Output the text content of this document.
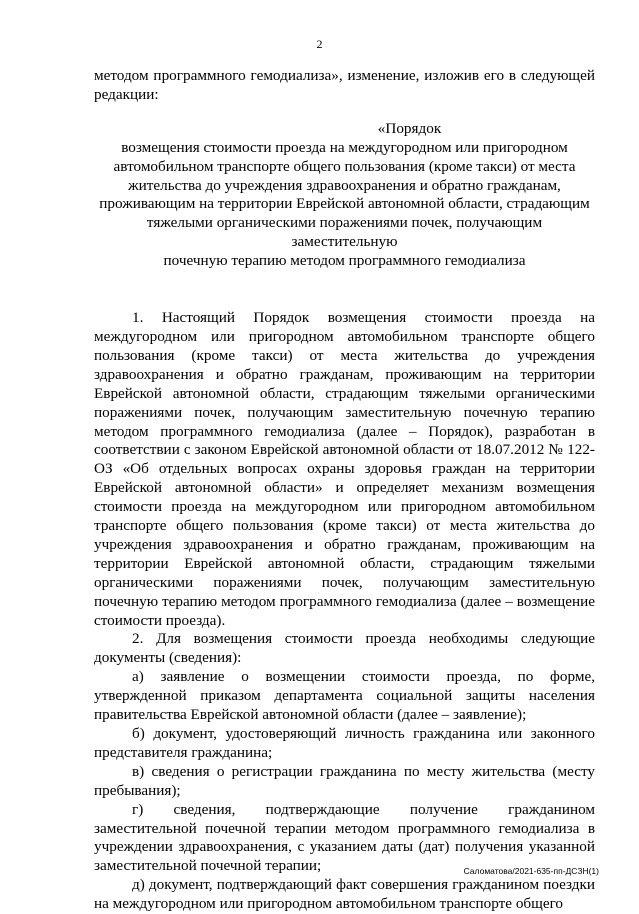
2

методом программного гемодиализа», изменение, изложив его в следующей редакции:

«Порядок
возмещения стоимости проезда на междугородном или пригородном
автомобильном транспорте общего пользования (кроме такси) от места
жительства до учреждения здравоохранения и обратно гражданам,
проживающим на территории Еврейской автономной области, страдающим
тяжелыми органическими поражениями почек, получающим заместительную
почечную терапию методом программного гемодиализа

1. Настоящий Порядок возмещения стоимости проезда на междугородном или пригородном автомобильном транспорте общего пользования (кроме такси) от места жительства до учреждения здравоохранения и обратно гражданам, проживающим на территории Еврейской автономной области, страдающим тяжелыми органическими поражениями почек, получающим заместительную почечную терапию методом программного гемодиализа (далее – Порядок), разработан в соответствии с законом Еврейской автономной области от 18.07.2012 № 122-ОЗ «Об отдельных вопросах охраны здоровья граждан на территории Еврейской автономной области» и определяет механизм возмещения стоимости проезда на междугородном или пригородном автомобильном транспорте общего пользования (кроме такси) от места жительства до учреждения здравоохранения и обратно гражданам, проживающим на территории Еврейской автономной области, страдающим тяжелыми органическими поражениями почек, получающим заместительную почечную терапию методом программного гемодиализа (далее – возмещение стоимости проезда).

2. Для возмещения стоимости проезда необходимы следующие документы (сведения):

а) заявление о возмещении стоимости проезда, по форме, утвержденной приказом департамента социальной защиты населения правительства Еврейской автономной области (далее – заявление);

б) документ, удостоверяющий личность гражданина или законного представителя гражданина;

в) сведения о регистрации гражданина по месту жительства (месту пребывания);

г) сведения, подтверждающие получение гражданином заместительной почечной терапии методом программного гемодиализа в учреждении здравоохранения, с указанием даты (дат) получения указанной заместительной почечной терапии;

д) документ, подтверждающий факт совершения гражданином поездки на междугородном или пригородном автомобильном транспорте общего

Саломатова/2021-635-пп-ДСЗН(1)
